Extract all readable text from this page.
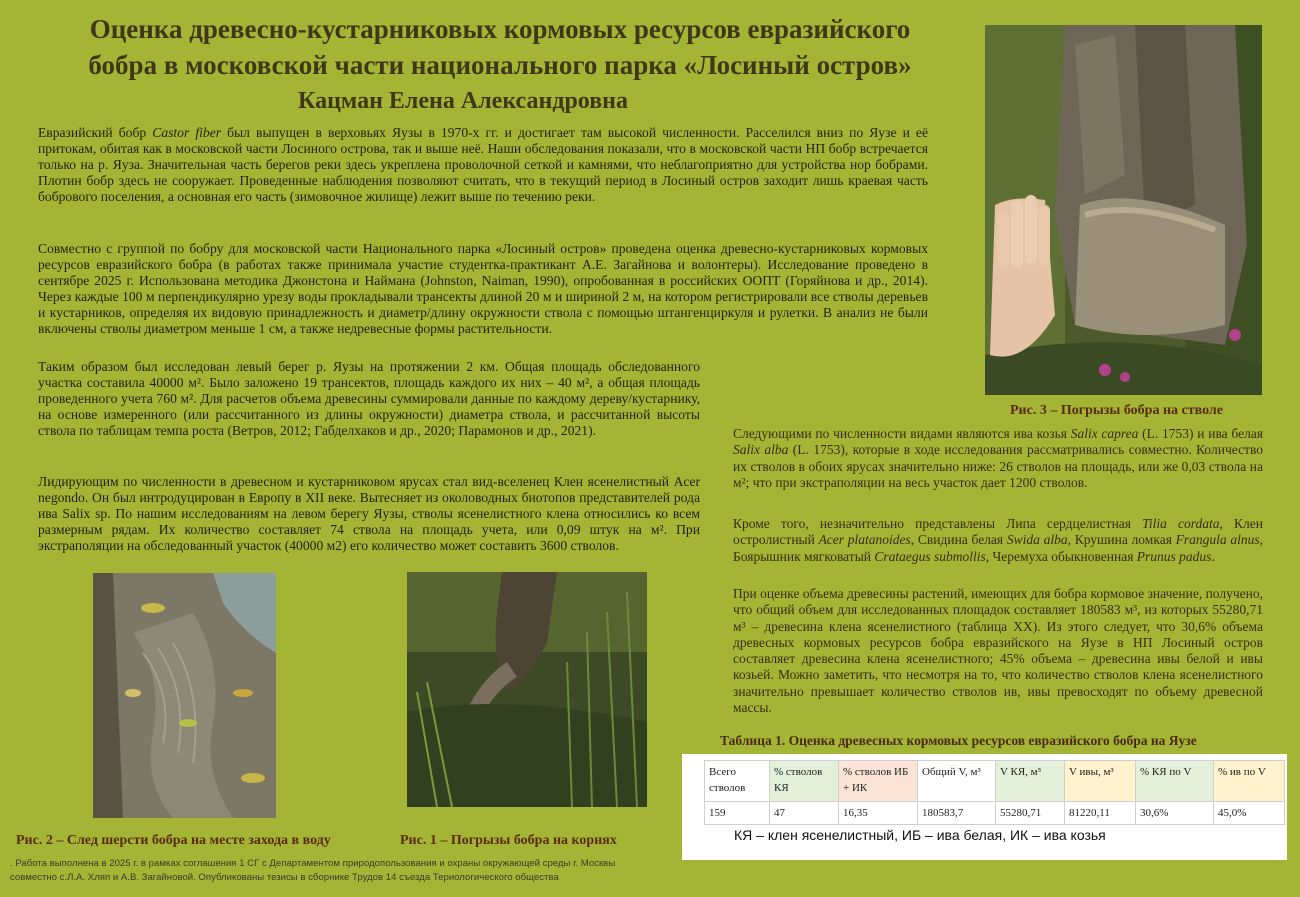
Оценка древесно-кустарниковых кормовых ресурсов евразийского
бобра в московской части национального парка «Лосиный остров»
Кацман Елена Александровна

Евразийский бобр Castor fiber был выпущен в верховьях Яузы в 1970-х гг. и достигает там высокой численности. Расселился вниз по Яузе и её притокам, обитая как в московской части Лосиного острова, так и выше неё. Наши обследования показали, что в московской части НП бобр встречается только на р. Яуза. Значительная часть берегов реки здесь укреплена проволочной сеткой и камнями, что неблагоприятно для устройства нор бобрами. Плотин бобр здесь не сооружает. Проведенные наблюдения позволяют считать, что в текущий период в Лосиный остров заходит лишь краевая часть бобрового поселения, а основная его часть (зимовочное жилище) лежит выше по течению реки.

Совместно с группой по бобру для московской части Национального парка «Лосиный остров» проведена оценка древесно-кустарниковых кормовых ресурсов евразийского бобра (в работах также принимала участие студентка-практикант А.Е. Загайнова и волонтеры). Исследование проведено в сентябре 2025 г. Использована методика Джонстона и Наймана (Johnston, Naiman, 1990), опробованная в российских ООПТ (Горяйнова и др., 2014). Через каждые 100 м перпендикулярно урезу воды прокладывали трансекты длиной 20 м и шириной 2 м, на котором регистрировали все стволы деревьев и кустарников, определяя их видовую принадлежность и диаметр/длину окружности ствола с помощью штангенциркуля и рулетки. В анализ не были включены стволы диаметром меньше 1 см, а также недревесные формы растительности.

Таким образом был исследован левый берег р. Яузы на протяжении 2 км. Общая площадь обследованного участка составила 40000 м². Было заложено 19 трансектов, площадь каждого их них – 40 м², а общая площадь проведенного учета 760 м². Для расчетов объема древесины суммировали данные по каждому дереву/кустарнику, на основе измеренного (или рассчитанного из длины окружности) диаметра ствола, и рассчитанной высоты ствола по таблицам темпа роста (Ветров, 2012; Габделхаков и др., 2020; Парамонов и др., 2021).

Лидирующим по численности в древесном и кустарниковом ярусах стал вид-вселенец Клен ясенелистный Acer negondo. Он был интродуцирован в Европу в XII веке. Вытесняет из околоводных биотопов представителей рода ива Salix sp. По нашим исследованиям на левом берегу Яузы, стволы ясенелистного клена относились ко всем размерным рядам. Их количество составляет 74 ствола на площадь учета, или 0,09 штук на м². При экстраполяции на обследованный участок (40000 м2) его количество может составить 3600 стволов.

Рис. 3 – Погрызы бобра на стволе

Следующими по численности видами являются ива козья Salix caprea (L. 1753) и ива белая Salix alba (L. 1753), которые в ходе исследования рассматривались совместно. Количество их стволов в обоих ярусах значительно ниже: 26 стволов на площадь, или же 0,03 ствола на м²; что при экстраполяции на весь участок дает 1200 стволов.

Кроме того, незначительно представлены Липа сердцелистная Tilia cordata, Клен остролистный Acer platanoides, Свидина белая Swida alba, Крушина ломкая Frangula alnus, Боярышник мягковатый Crataegus submollis, Черемуха обыкновенная Prunus padus.

При оценке объема древесины растений, имеющих для бобра кормовое значение, получено, что общий объем для исследованных площадок составляет 180583 м³, из которых 55280,71 м³ – древесина клена ясенелистного (таблица XX). Из этого следует, что 30,6% объема древесных кормовых ресурсов бобра евразийского на Яузе в НП Лосиный остров составляет древесина клена ясенелистного; 45% объема – древесина ивы белой и ивы козьей. Можно заметить, что несмотря на то, что количество стволов клена ясенелистного значительно превышает количество стволов ив, ивы превосходят по объему древесной массы.

Рис. 2 – След шерсти бобра на месте захода в воду	Рис. 1 – Погрызы бобра на корнях
Таблица 1. Оценка древесных кормовых ресурсов евразийского бобра на Яузе
Всего стволов	% стволов КЯ	% стволов ИБ + ИК	Общий V, м³	V КЯ, м³	V ивы, м³	% КЯ по V	% ив по V
159	47	16,35	180583,7	55280,71	81220,11	30,6%	45,0%
КЯ – клен ясенелистный, ИБ – ива белая, ИК – ива козья
. Работа выполнена в 2025 г. в рамках соглашения 1 СГ с Департаментом природопользования и охраны окружающей среды г. Москвы
совместно с.Л.А. Хляп и А.В. Загайновой. Опубликованы тезисы в сборнике Трудов 14 съезда Териологического общества
